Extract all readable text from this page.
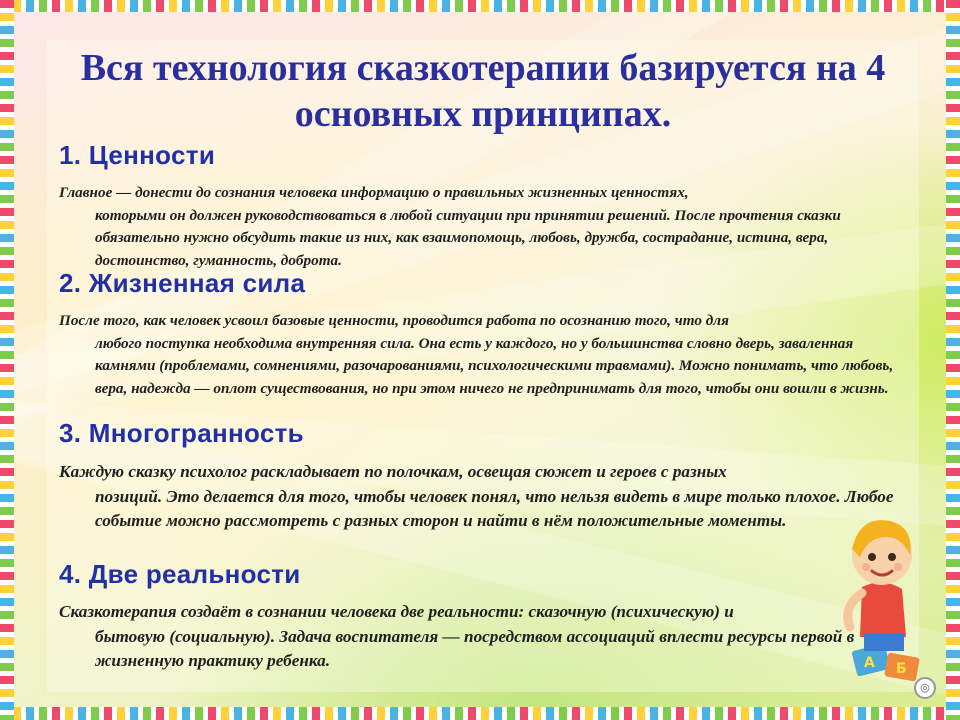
Вся технология сказкотерапии базируется на 4 основных принципах.
1. Ценности

Главное — донести до сознания человека информацию о правильных жизненных ценностях,
которыми он должен руководствоваться в любой ситуации при принятии решений. После прочтения сказки обязательно нужно обсудить такие из них, как взаимопомощь, любовь, дружба, сострадание, истина, вера, достоинство, гуманность, доброта.

2. Жизненная сила

После того, как человек усвоил базовые ценности, проводится работа по осознанию того, что для
любого поступка необходима внутренняя сила. Она есть у каждого, но у большинства словно дверь, заваленная камнями (проблемами, сомнениями, разочарованиями, психологическими травмами). Можно понимать, что любовь, вера, надежда — оплот существования, но при этом ничего не предпринимать для того, чтобы они вошли в жизнь.

3. Многогранность

Каждую сказку психолог раскладывает по полочкам, освещая сюжет и героев с разных
позиций. Это делается для того, чтобы человек понял, что нельзя видеть в мире только плохое. Любое событие можно рассмотреть с разных сторон и найти в нём положительные моменты.

4. Две реальности

Сказкотерапия создаёт в сознании человека две реальности: сказочную (психическую) и
бытовую (социальную). Задача воспитателя — посредством ассоциаций вплести ресурсы первой в жизненную практику ребенка.	A Б
◎
